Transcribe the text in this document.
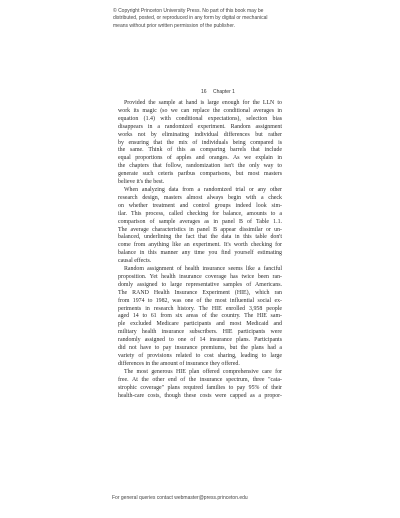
© Copyright Princeton University Press. No part of this book may be
distributed, posted, or reproduced in any form by digital or mechanical
means without prior written permission of the publisher.
16 Chapter 1
Provided the sample at hand is large enough for the LLN to
work its magic (so we can replace the conditional averages in
equation (1.4) with conditional expectations), selection bias
disappears in a randomized experiment. Random assignment
works not by eliminating individual differences but rather
by ensuring that the mix of individuals being compared is
the same. Think of this as comparing barrels that include
equal proportions of apples and oranges. As we explain in
the chapters that follow, randomization isn't the only way to
generate such ceteris paribus comparisons, but most masters
believe it's the best.
When analyzing data from a randomized trial or any other
research design, masters almost always begin with a check
on whether treatment and control groups indeed look sim-
ilar. This process, called checking for balance, amounts to a
comparison of sample averages as in panel B of Table 1.1.
The average characteristics in panel B appear dissimilar or un-
balanced, underlining the fact that the data in this table don't
come from anything like an experiment. It's worth checking for
balance in this manner any time you find yourself estimating
causal effects.
Random assignment of health insurance seems like a fanciful
proposition. Yet health insurance coverage has twice been ran-
domly assigned to large representative samples of Americans.
The RAND Health Insurance Experiment (HIE), which ran
from 1974 to 1982, was one of the most influential social ex-
periments in research history. The HIE enrolled 3,958 people
aged 14 to 61 from six areas of the country. The HIE sam-
ple excluded Medicare participants and most Medicaid and
military health insurance subscribers. HIE participants were
randomly assigned to one of 14 insurance plans. Participants
did not have to pay insurance premiums, but the plans had a
variety of provisions related to cost sharing, leading to large
differences in the amount of insurance they offered.
The most generous HIE plan offered comprehensive care for
free. At the other end of the insurance spectrum, three "cata-
strophic coverage" plans required families to pay 95% of their
health-care costs, though these costs were capped as a propor-
For general queries contact webmaster@press.princeton.edu
